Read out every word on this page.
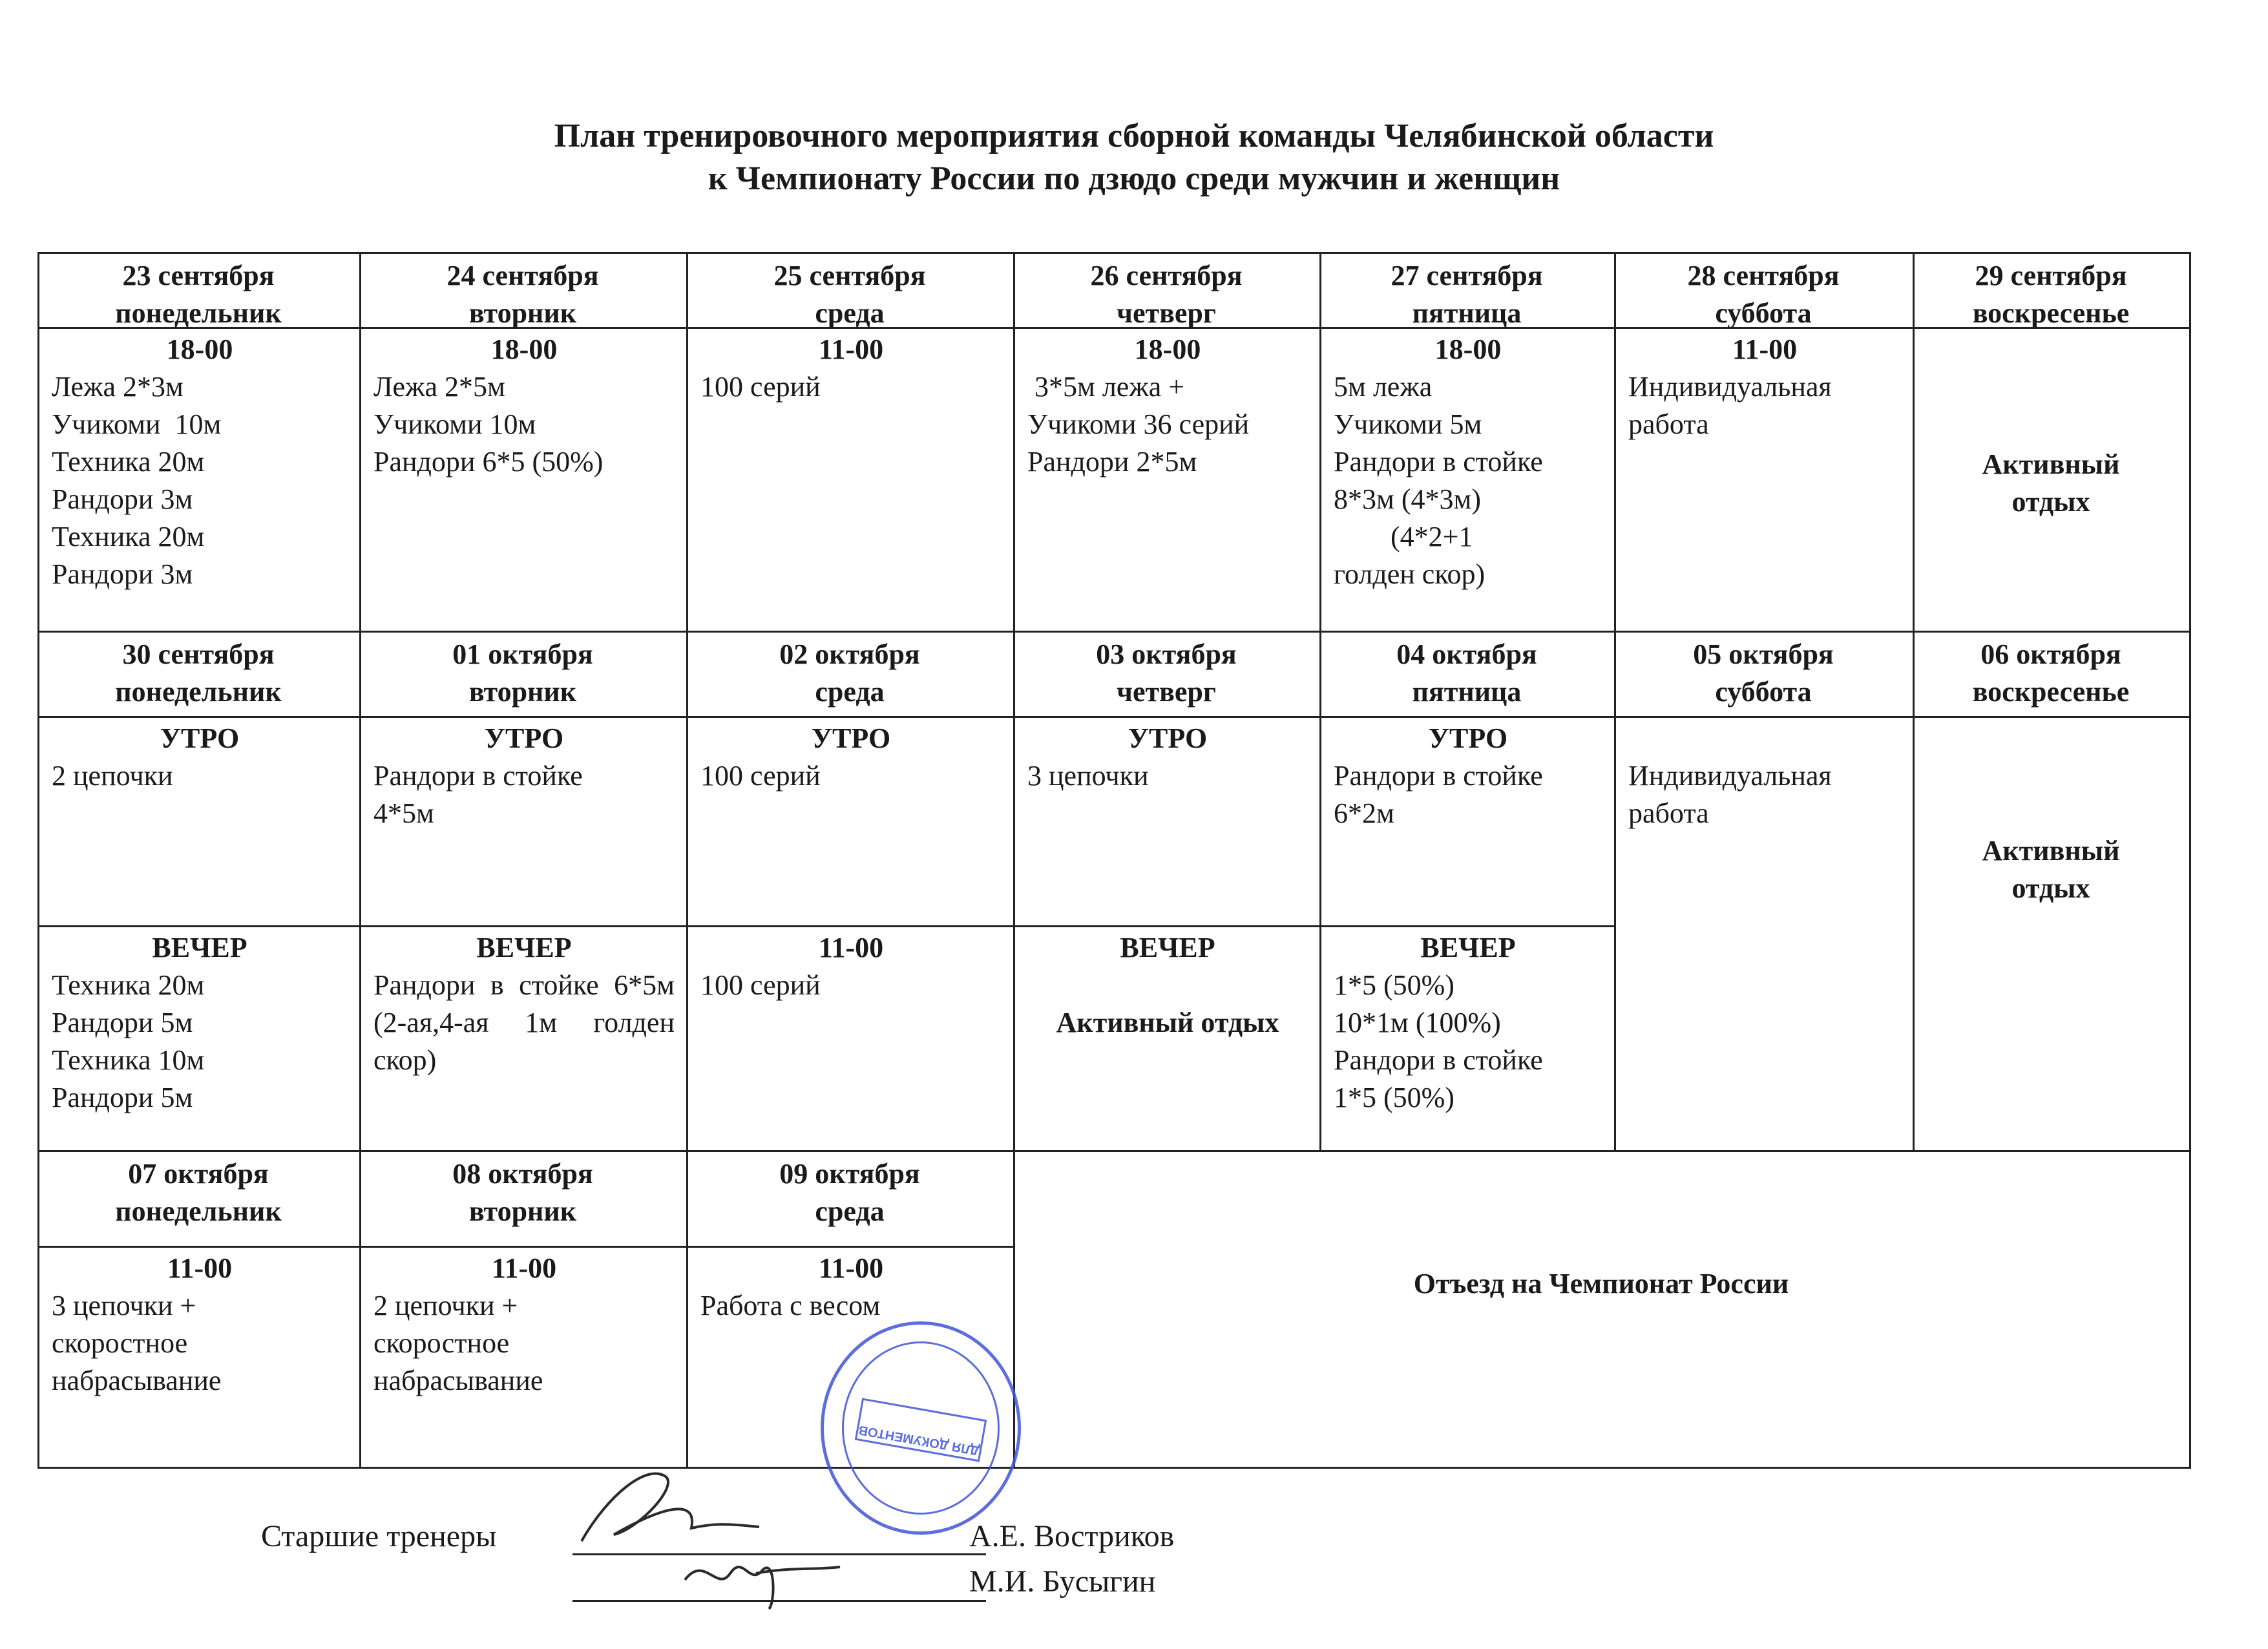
План тренировочного мероприятия сборной команды Челябинской области
к Чемпионату России по дзюдо среди мужчин и женщин
23 сентября
понедельник
24 сентября
вторник
25 сентября
среда
26 сентября
четверг
27 сентября
пятница
28 сентября
суббота
29 сентября
воскресенье
18-00
Лежа 2*3м
Учикоми  10м
Техника 20м
Рандори 3м
Техника 20м
Рандори 3м
18-00
Лежа 2*5м
Учикоми 10м
Рандори 6*5 (50%)
11-00
100 серий
18-00
3*5м лежа +
Учикоми 36 серий
Рандори 2*5м
18-00
5м лежа
Учикоми 5м
Рандори в стойке
8*3м (4*3м)
(4*2+1
голден скор)
11-00
Индивидуальная
работа
Активный
отдых
30 сентября
понедельник
01 октября
вторник
02 октября
среда
03 октября
четверг
04 октября
пятница
05 октября
суббота
06 октября
воскресенье
УТРО
2 цепочки
УТРО
Рандори в стойке
4*5м
УТРО
100 серий
УТРО
3 цепочки
УТРО
Рандори в стойке
6*2м
ВЕЧЕР
Техника 20м
Рандори 5м
Техника 10м
Рандори 5м
ВЕЧЕР
Рандори в стойке 6*5м (2-ая,4-ая 1м голден скор)
11-00
100 серий
ВЕЧЕР
Активный отдых
ВЕЧЕР
1*5 (50%)
10*1м (100%)
Рандори в стойке
1*5 (50%)
Индивидуальная
работа
Активный
отдых
07 октября
понедельник
08 октября
вторник
09 октября
среда
11-00
3 цепочки +
скоростное
набрасывание
11-00
2 цепочки +
скоростное
набрасывание
11-00
Работа с весом
Отъезд на Чемпионат России
Старшие тренеры	А.Е. Востриков
М.И. Бусыгин
ДЛЯ ДОКУМЕНТОВ
